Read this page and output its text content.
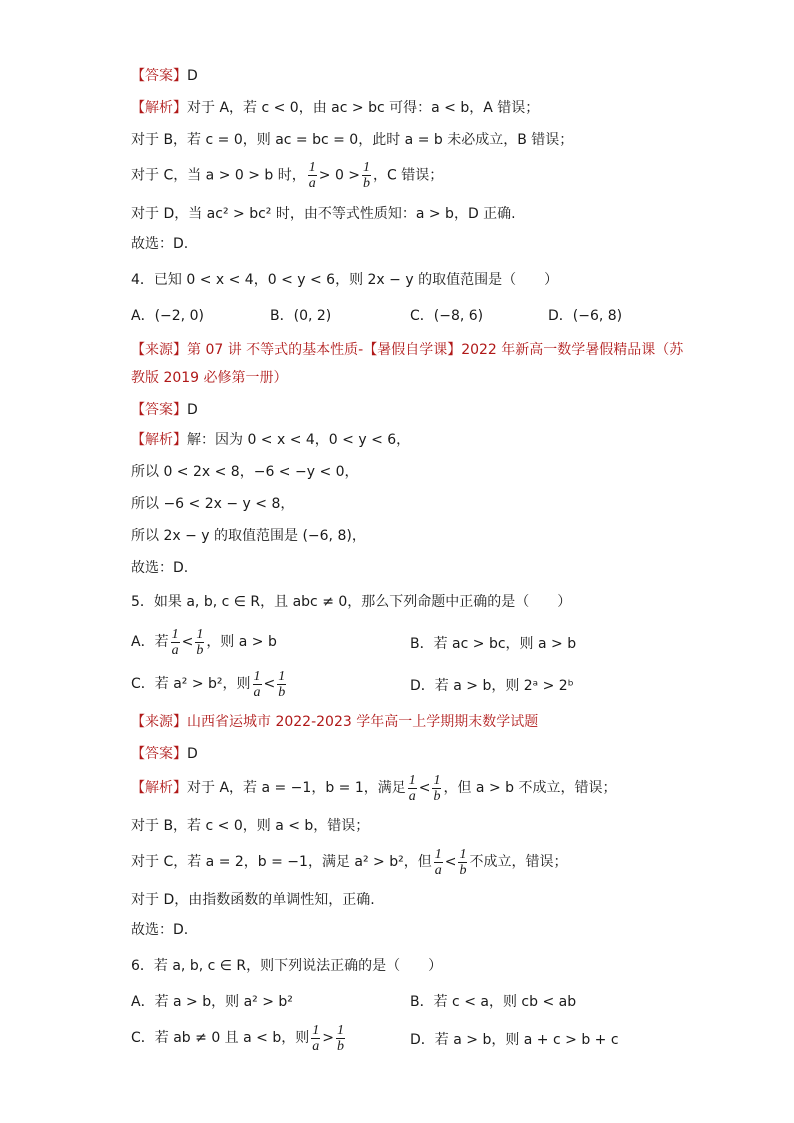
【答案】D
【解析】对于 A，若 c < 0，由 ac > bc 可得：a < b，A 错误；
对于 B，若 c = 0，则 ac = bc = 0，此时 a = b 未必成立，B 错误；
对于 C，当 a > 0 > b 时， $\frac{1}{a} > 0 > \frac{1}{b}$ ，C 错误；
对于 D，当 ac² > bc² 时，由不等式性质知：a > b，D 正确.
故选：D.
4．已知 0 < x < 4，0 < y < 6，则 2x − y 的取值范围是（　　）
A．(−2, 0)	B．(0, 2)	C．(−8, 6)	D．(−6, 8)
【来源】第 07 讲 不等式的基本性质-【暑假自学课】2022 年新高一数学暑假精品课（苏
教版 2019 必修第一册）
【答案】D
【解析】解：因为 0 < x < 4，0 < y < 6，
所以 0 < 2x < 8，−6 < −y < 0，
所以 −6 < 2x − y < 8，
所以 2x − y 的取值范围是 (−6, 8)，
故选：D.
5．如果 a, b, c ∈ R，且 abc ≠ 0，那么下列命题中正确的是（　　）
A．若 $\frac{1}{a} < \frac{1}{b}$ ，则 a > b	B．若 ac > bc，则 a > b
C．若 a² > b²，则 $\frac{1}{a} < \frac{1}{b}$	D．若 a > b，则 2ᵃ > 2ᵇ
【来源】山西省运城市 2022-2023 学年高一上学期期末数学试题
【答案】D
【解析】对于 A，若 a = −1，b = 1，满足 $\frac{1}{a} < \frac{1}{b}$ ，但 a > b 不成立，错误；
对于 B，若 c < 0，则 a < b，错误；
对于 C，若 a = 2，b = −1，满足 a² > b²，但 $\frac{1}{a} < \frac{1}{b}$ 不成立，错误；
对于 D，由指数函数的单调性知，正确.
故选：D.
6．若 a, b, c ∈ R，则下列说法正确的是（　　）
A．若 a > b，则 a² > b²	B．若 c < a，则 cb < ab
C．若 ab ≠ 0 且 a < b，则 $\frac{1}{a} > \frac{1}{b}$	D．若 a > b，则 a + c > b + c
